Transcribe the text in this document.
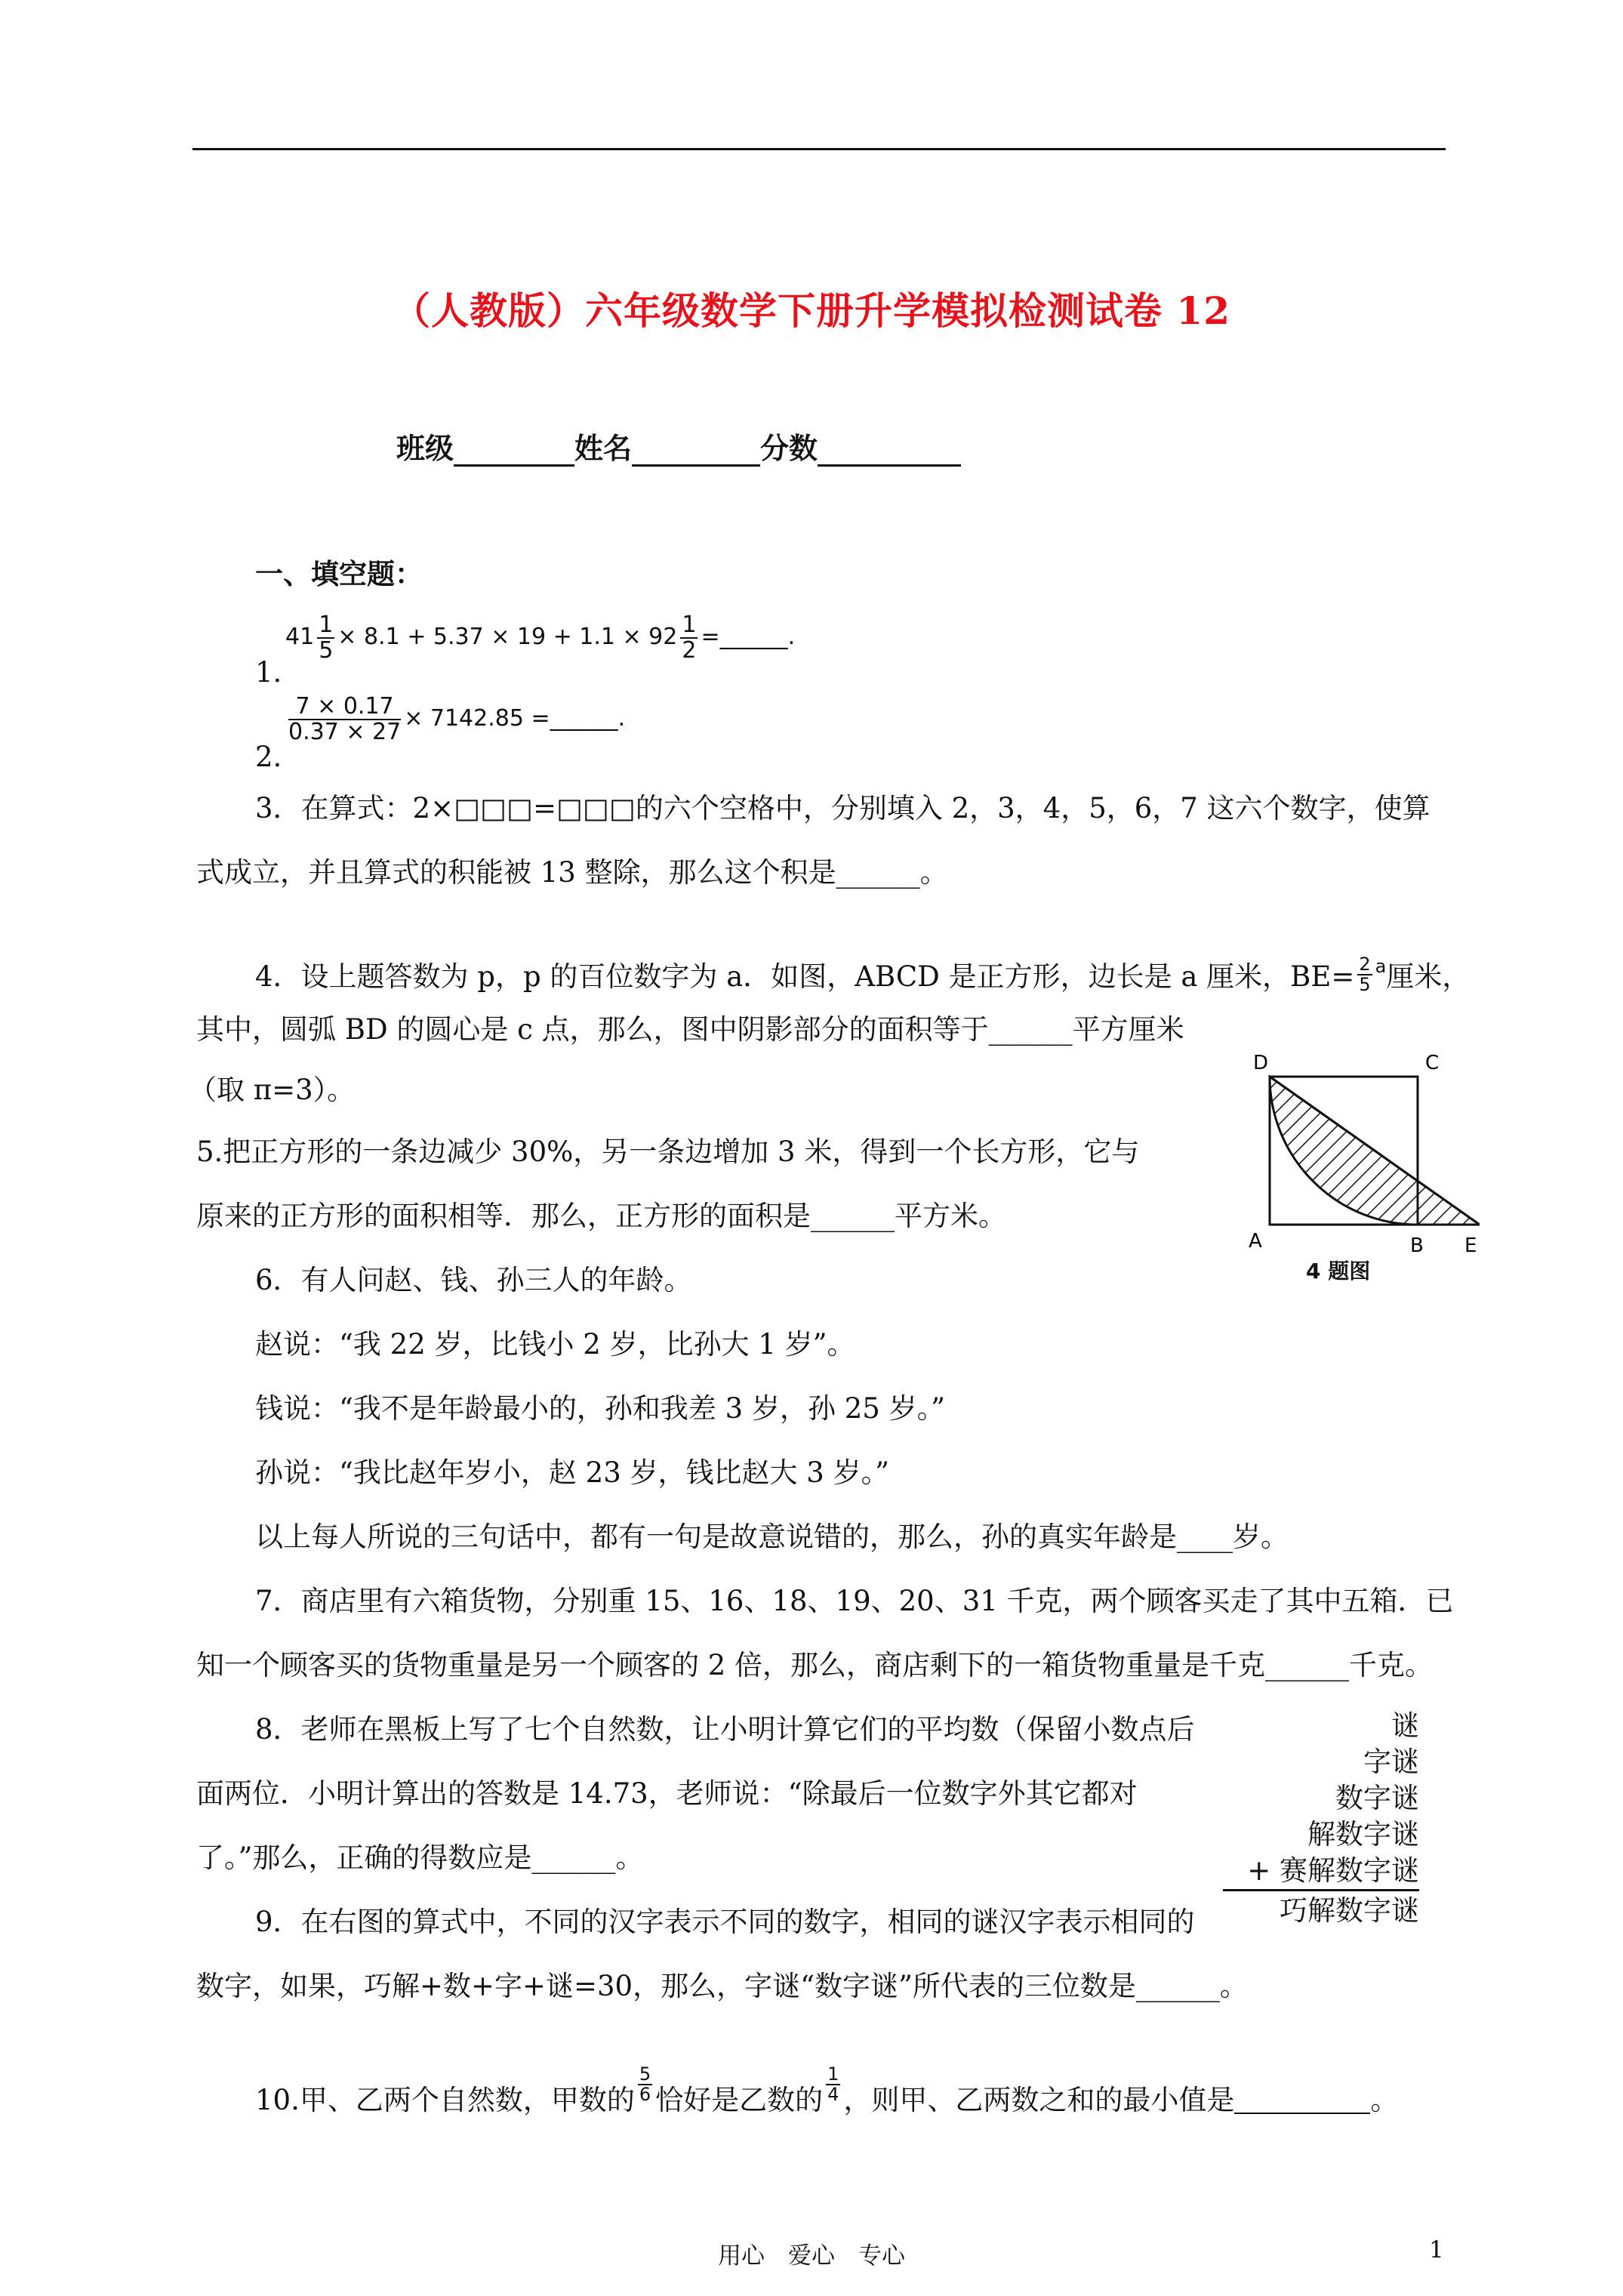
（人教版）六年级数学下册升学模拟检测试卷 12
班级	姓名	分数
一、填空题：
1.
$41 \frac{1}{5} \times 8.1 + 5.37 \times 19 + 1.1 \times 92 \frac{1}{2}$ =______.
2.
$\frac{7 \times 0.17}{0.37 \times 27} \times 7142.85$ =______.
3．在算式：2×□□□=□□□的六个空格中，分别填入 2，3，4，5，6，7 这六个数字，使算
式成立，并且算式的积能被 13 整除，那么这个积是______。
4．设上题答数为 p，p 的百位数字为 a．如图，ABCD 是正方形，边长是 a 厘米，$BE= \frac{2}{5} ^a$厘米，
其中，圆弧 BD 的圆心是 c 点，那么，图中阴影部分的面积等于______平方厘米
（取 π=3）。
D	C
A	B E
4 题图
5.把正方形的一条边减少 30%，另一条边增加 3 米，得到一个长方形，它与
原来的正方形的面积相等．那么，正方形的面积是______平方米。
6．有人问赵、钱、孙三人的年龄。
赵说：“我 22 岁，比钱小 2 岁，比孙大 1 岁”。
钱说：“我不是年龄最小的，孙和我差 3 岁，孙 25 岁。”
孙说：“我比赵年岁小，赵 23 岁，钱比赵大 3 岁。”
以上每人所说的三句话中，都有一句是故意说错的，那么，孙的真实年龄是____岁。
7．商店里有六箱货物，分别重 15、16、18、19、20、31 千克，两个顾客买走了其中五箱．已
知一个顾客买的货物重量是另一个顾客的 2 倍，那么，商店剩下的一箱货物重量是千克______千克。
8．老师在黑板上写了七个自然数，让小明计算它们的平均数（保留小数点后
面两位．小明计算出的答数是 14.73，老师说：“除最后一位数字外其它都对
了。”那么，正确的得数应是______。
谜
字谜
数字谜
解数字谜
+ 赛解数字谜
巧解数字谜
9．在右图的算式中，不同的汉字表示不同的数字，相同的谜汉字表示相同的
数字，如果，巧解+数+字+谜=30，那么，字谜“数字谜”所代表的三位数是______。
10.甲、乙两个自然数，甲数的 $\frac{5}{6}$ 恰好是乙数的 $\frac{1}{4}$ ，则甲、乙两数之和的最小值是	。
用心　爱心　专心	1
